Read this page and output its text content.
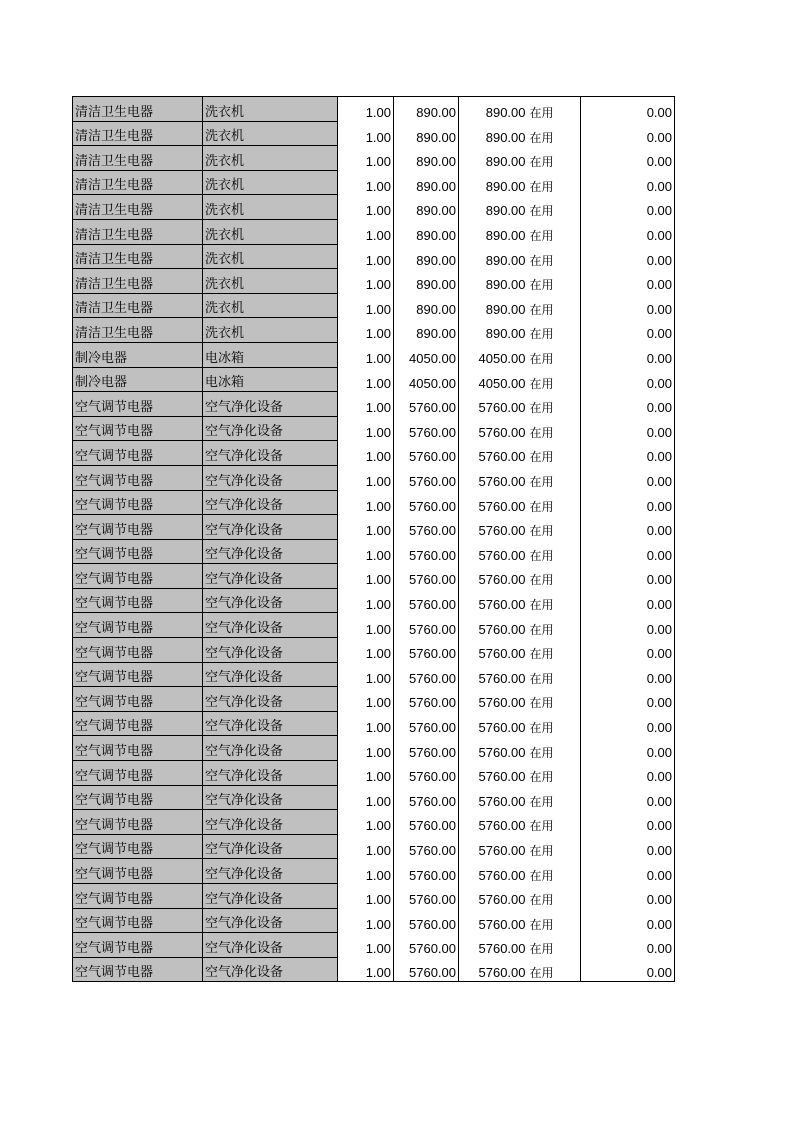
清洁卫生电器	洗衣机	1.00	890.00	890.00	在用	0.00
清洁卫生电器	洗衣机	1.00	890.00	890.00	在用	0.00
清洁卫生电器	洗衣机	1.00	890.00	890.00	在用	0.00
清洁卫生电器	洗衣机	1.00	890.00	890.00	在用	0.00
清洁卫生电器	洗衣机	1.00	890.00	890.00	在用	0.00
清洁卫生电器	洗衣机	1.00	890.00	890.00	在用	0.00
清洁卫生电器	洗衣机	1.00	890.00	890.00	在用	0.00
清洁卫生电器	洗衣机	1.00	890.00	890.00	在用	0.00
清洁卫生电器	洗衣机	1.00	890.00	890.00	在用	0.00
清洁卫生电器	洗衣机	1.00	890.00	890.00	在用	0.00
制冷电器	电冰箱	1.00	4050.00	4050.00	在用	0.00
制冷电器	电冰箱	1.00	4050.00	4050.00	在用	0.00
空气调节电器	空气净化设备	1.00	5760.00	5760.00	在用	0.00
空气调节电器	空气净化设备	1.00	5760.00	5760.00	在用	0.00
空气调节电器	空气净化设备	1.00	5760.00	5760.00	在用	0.00
空气调节电器	空气净化设备	1.00	5760.00	5760.00	在用	0.00
空气调节电器	空气净化设备	1.00	5760.00	5760.00	在用	0.00
空气调节电器	空气净化设备	1.00	5760.00	5760.00	在用	0.00
空气调节电器	空气净化设备	1.00	5760.00	5760.00	在用	0.00
空气调节电器	空气净化设备	1.00	5760.00	5760.00	在用	0.00
空气调节电器	空气净化设备	1.00	5760.00	5760.00	在用	0.00
空气调节电器	空气净化设备	1.00	5760.00	5760.00	在用	0.00
空气调节电器	空气净化设备	1.00	5760.00	5760.00	在用	0.00
空气调节电器	空气净化设备	1.00	5760.00	5760.00	在用	0.00
空气调节电器	空气净化设备	1.00	5760.00	5760.00	在用	0.00
空气调节电器	空气净化设备	1.00	5760.00	5760.00	在用	0.00
空气调节电器	空气净化设备	1.00	5760.00	5760.00	在用	0.00
空气调节电器	空气净化设备	1.00	5760.00	5760.00	在用	0.00
空气调节电器	空气净化设备	1.00	5760.00	5760.00	在用	0.00
空气调节电器	空气净化设备	1.00	5760.00	5760.00	在用	0.00
空气调节电器	空气净化设备	1.00	5760.00	5760.00	在用	0.00
空气调节电器	空气净化设备	1.00	5760.00	5760.00	在用	0.00
空气调节电器	空气净化设备	1.00	5760.00	5760.00	在用	0.00
空气调节电器	空气净化设备	1.00	5760.00	5760.00	在用	0.00
空气调节电器	空气净化设备	1.00	5760.00	5760.00	在用	0.00
空气调节电器	空气净化设备	1.00	5760.00	5760.00	在用	0.00
